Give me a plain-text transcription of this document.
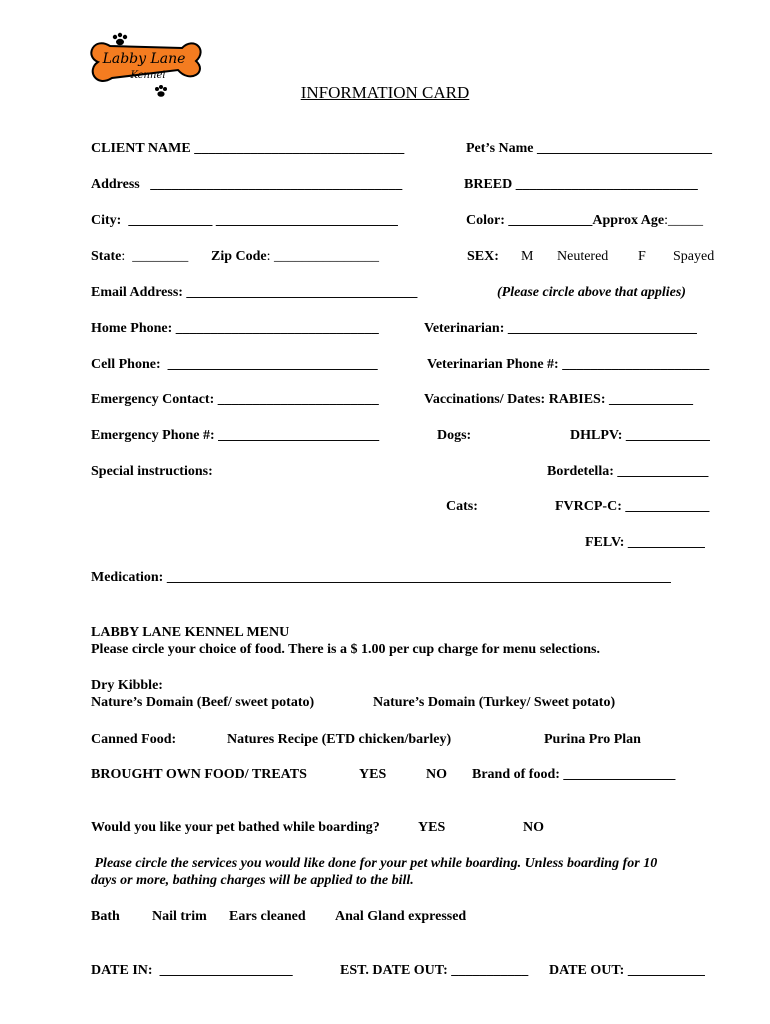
Labby Lane
Kennel
INFORMATION CARD
CLIENT NAME ______________________________
Address   ____________________________________
City:  ____________ __________________________
State:  ________ Zip Code: _______________
Email Address: _________________________________
Home Phone: _____________________________
Cell Phone:  ______________________________
Emergency Contact: _______________________
Emergency Phone #: _______________________
Special instructions:
Pet’s Name _________________________
BREED __________________________
Color: ____________Approx Age:_____
SEX: M Neutered F Spayed
(Please circle above that applies)
Veterinarian: ___________________________
Veterinarian Phone #: _____________________
Vaccinations/ Dates: RABIES: ____________
Dogs:	DHLPV: ____________
Bordetella: _____________
Cats:	FVRCP-C: ____________
FELV: ___________
Medication: ________________________________________________________________________
LABBY LANE KENNEL MENU
Please circle your choice of food. There is a $ 1.00 per cup charge for menu selections.
Dry Kibble:
Nature’s Domain (Beef/ sweet potato)	Nature’s Domain (Turkey/ Sweet potato)
Canned Food:	Natures Recipe (ETD chicken/barley)	Purina Pro Plan
BROUGHT OWN FOOD/ TREATS	YES	NO Brand of food: ________________
Would you like your pet bathed while boarding?	YES	NO
Please circle the services you would like done for your pet while boarding. Unless boarding for 10
days or more, bathing charges will be applied to the bill.
Bath Nail trim Ears cleaned Anal Gland expressed
DATE IN:  ___________________	EST. DATE OUT: ___________ DATE OUT: ___________
